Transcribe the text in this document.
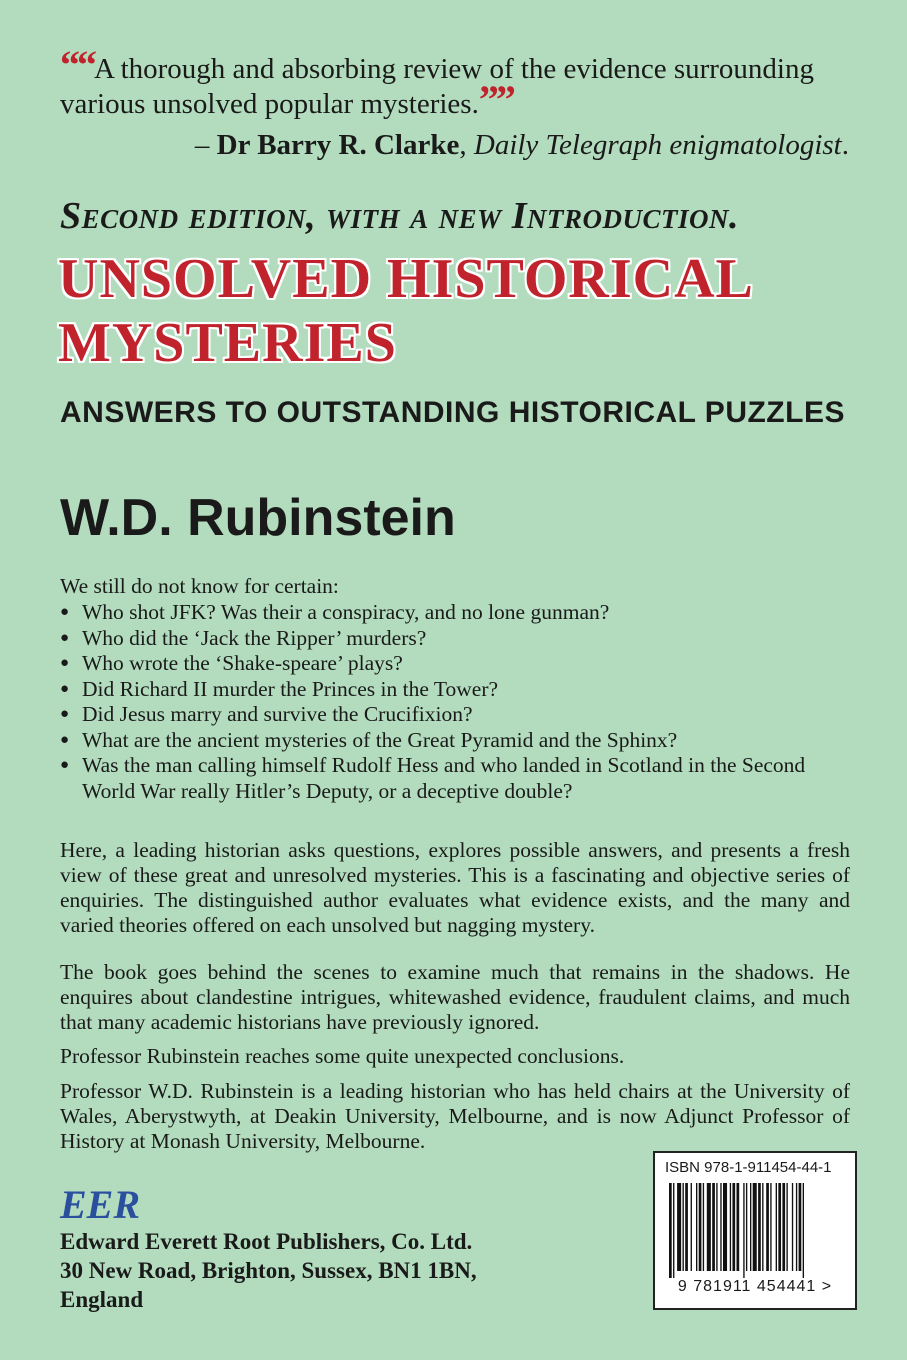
““A thorough and absorbing review of the evidence surrounding various unsolved popular mysteries.””
– Dr Barry R. Clarke, Daily Telegraph enigmatologist.
Second edition, with a new Introduction.
UNSOLVED HISTORICAL MYSTERIES
ANSWERS TO OUTSTANDING HISTORICAL PUZZLES
W.D. Rubinstein
We still do not know for certain:
● Who shot JFK? Was their a conspiracy, and no lone gunman?
● Who did the ‘Jack the Ripper’ murders?
● Who wrote the ‘Shake-speare’ plays?
● Did Richard II murder the Princes in the Tower?
● Did Jesus marry and survive the Crucifixion?
● What are the ancient mysteries of the Great Pyramid and the Sphinx?
● Was the man calling himself Rudolf Hess and who landed in Scotland in the Second World War really Hitler’s Deputy, or a deceptive double?
Here, a leading historian asks questions, explores possible answers, and presents a fresh view of these great and unresolved mysteries. This is a fascinating and objective series of enquiries. The distinguished author evaluates what evidence exists, and the many and varied theories offered on each unsolved but nagging mystery.
The book goes behind the scenes to examine much that remains in the shadows. He enquires about clandestine intrigues, whitewashed evidence, fraudulent claims, and much that many academic historians have previously ignored.
Professor Rubinstein reaches some quite unexpected conclusions.
Professor W.D. Rubinstein is a leading historian who has held chairs at the University of Wales, Aberystwyth, at Deakin University, Melbourne, and is now Adjunct Professor of History at Monash University, Melbourne.
EER
Edward Everett Root Publishers, Co. Ltd.
30 New Road, Brighton, Sussex, BN1 1BN,
England
ISBN 978-1-911454-44-1
9 781911 454441 >
